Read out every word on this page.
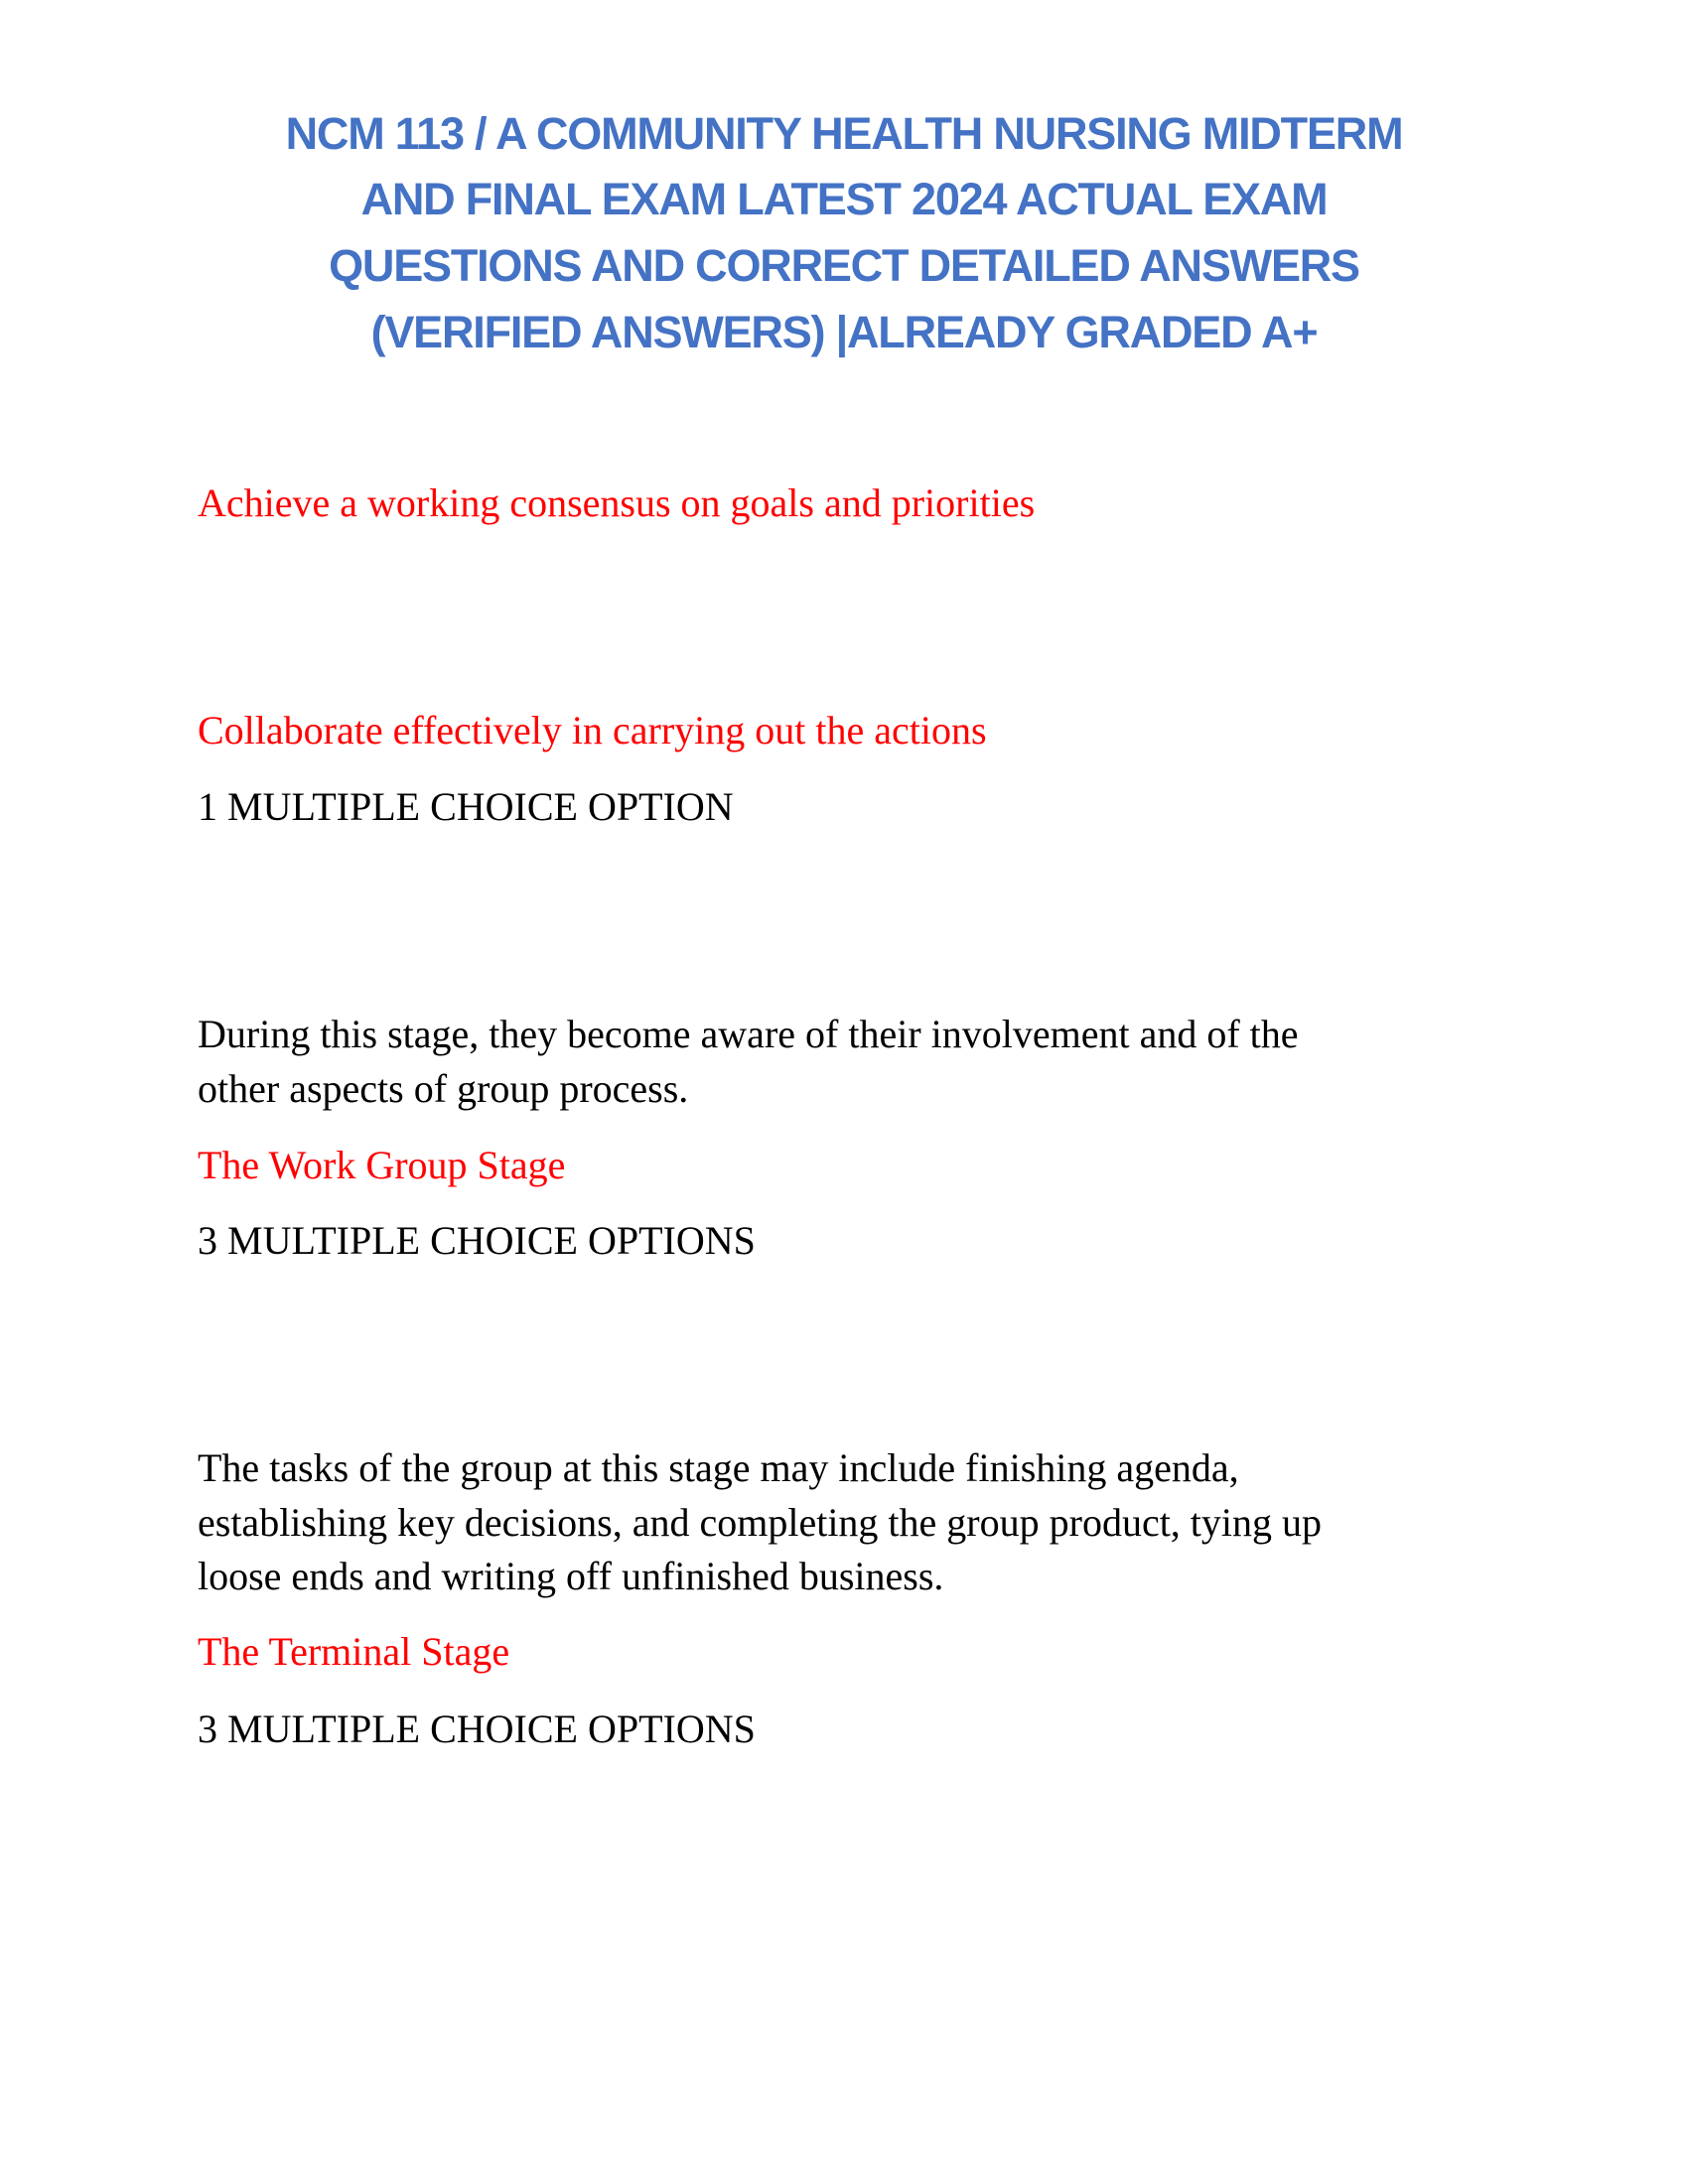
NCM 113 / A COMMUNITY HEALTH NURSING MIDTERM
AND FINAL EXAM LATEST 2024 ACTUAL EXAM
QUESTIONS AND CORRECT DETAILED ANSWERS
(VERIFIED ANSWERS) |ALREADY GRADED A+
Achieve a working consensus on goals and priorities
Collaborate effectively in carrying out the actions
1 MULTIPLE CHOICE OPTION
During this stage, they become aware of their involvement and of the
other aspects of group process.
The Work Group Stage
3 MULTIPLE CHOICE OPTIONS
The tasks of the group at this stage may include finishing agenda,
establishing key decisions, and completing the group product, tying up
loose ends and writing off unfinished business.
The Terminal Stage
3 MULTIPLE CHOICE OPTIONS
